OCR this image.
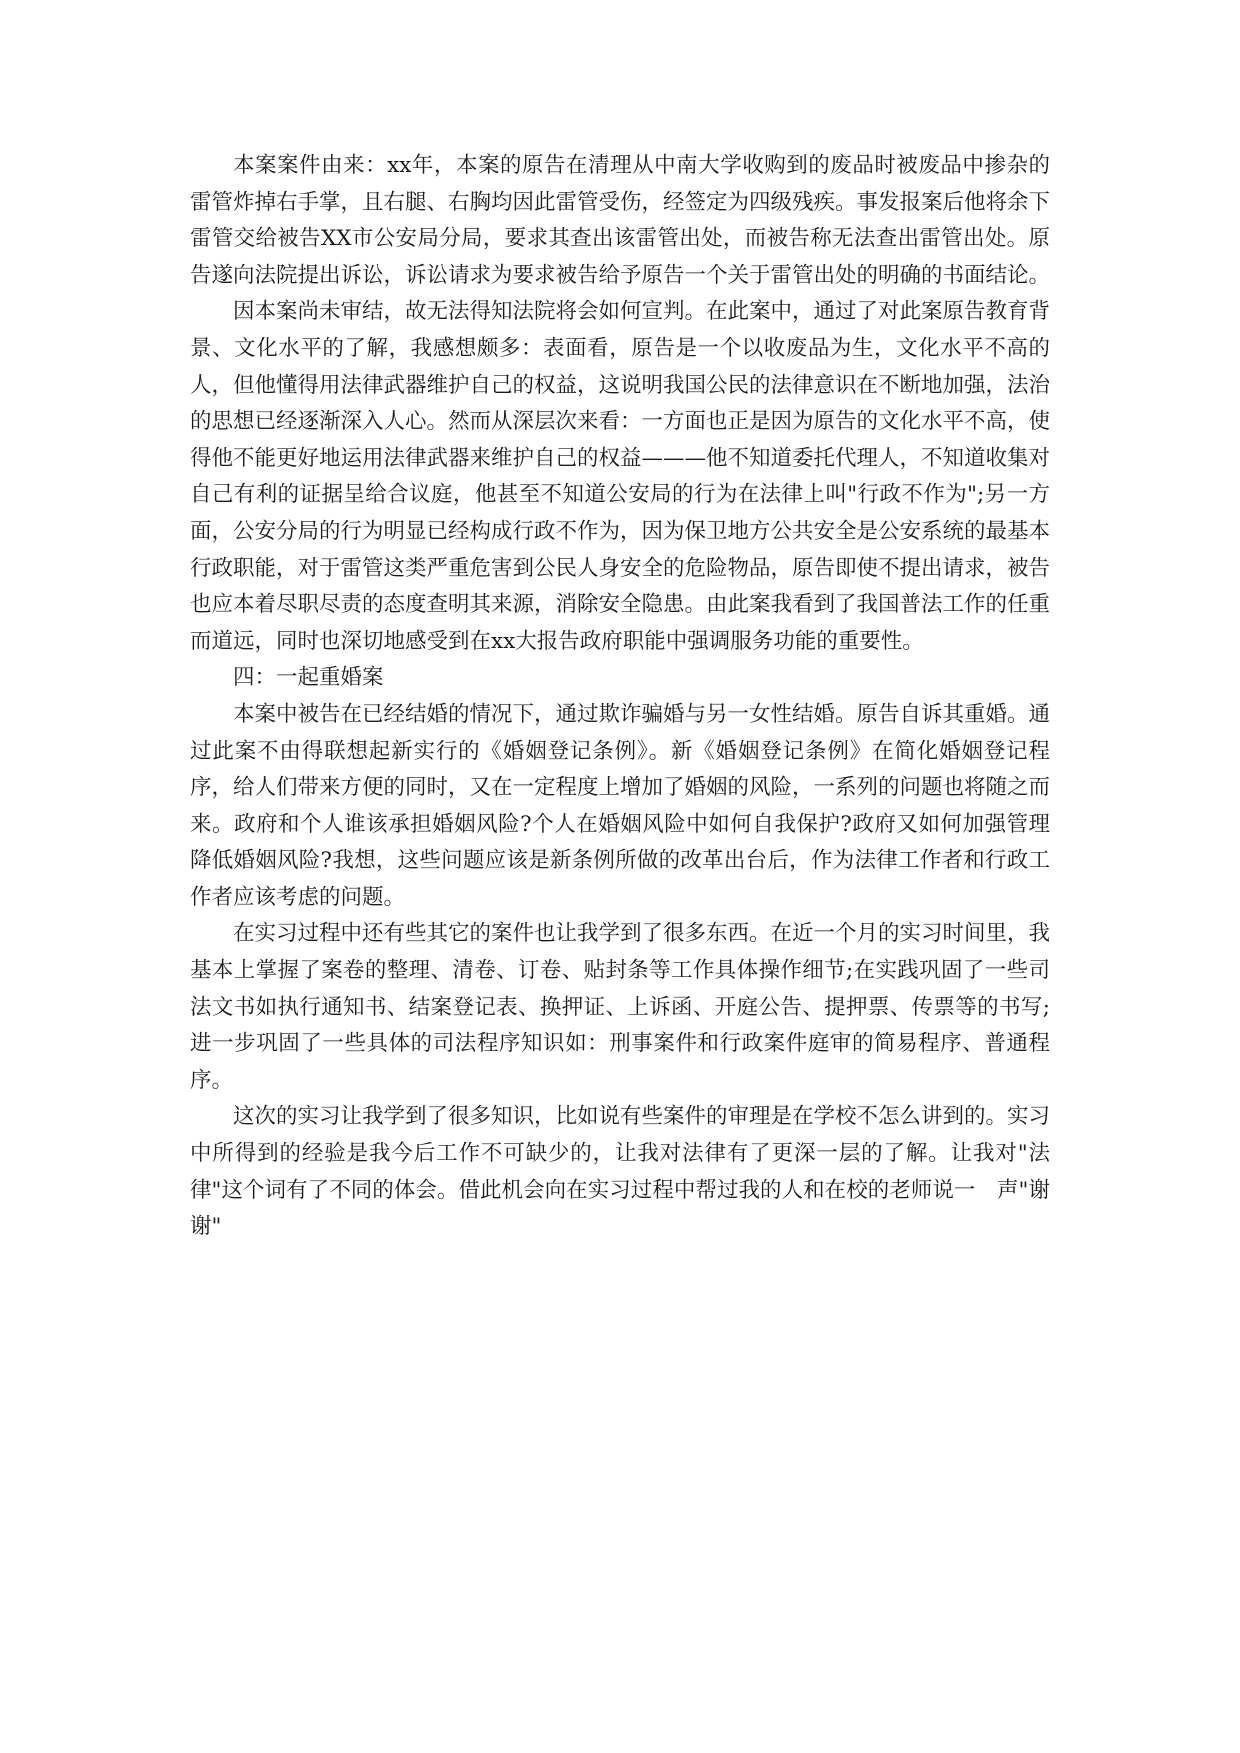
本案案件由来：xx年，本案的原告在清理从中南大学收购到的废品时被废品中掺杂的雷管炸掉右手掌，且右腿、右胸均因此雷管受伤，经签定为四级残疾。事发报案后他将余下雷管交给被告XX市公安局分局，要求其查出该雷管出处，而被告称无法查出雷管出处。原告遂向法院提出诉讼，诉讼请求为要求被告给予原告一个关于雷管出处的明确的书面结论。

因本案尚未审结，故无法得知法院将会如何宣判。在此案中，通过了对此案原告教育背景、文化水平的了解，我感想颇多：表面看，原告是一个以收废品为生，文化水平不高的人，但他懂得用法律武器维护自己的权益，这说明我国公民的法律意识在不断地加强，法治的思想已经逐渐深入人心。然而从深层次来看：一方面也正是因为原告的文化水平不高，使得他不能更好地运用法律武器来维护自己的权益———他不知道委托代理人，不知道收集对自己有利的证据呈给合议庭，他甚至不知道公安局的行为在法律上叫"行政不作为";另一方面，公安分局的行为明显已经构成行政不作为，因为保卫地方公共安全是公安系统的最基本行政职能，对于雷管这类严重危害到公民人身安全的危险物品，原告即使不提出请求，被告也应本着尽职尽责的态度查明其来源，消除安全隐患。由此案我看到了我国普法工作的任重而道远，同时也深切地感受到在xx大报告政府职能中强调服务功能的重要性。

四：一起重婚案

本案中被告在已经结婚的情况下，通过欺诈骗婚与另一女性结婚。原告自诉其重婚。通过此案不由得联想起新实行的《婚姻登记条例》。新《婚姻登记条例》在简化婚姻登记程序，给人们带来方便的同时，又在一定程度上增加了婚姻的风险，一系列的问题也将随之而来。政府和个人谁该承担婚姻风险?个人在婚姻风险中如何自我保护?政府又如何加强管理降低婚姻风险?我想，这些问题应该是新条例所做的改革出台后，作为法律工作者和行政工作者应该考虑的问题。

在实习过程中还有些其它的案件也让我学到了很多东西。在近一个月的实习时间里，我基本上掌握了案卷的整理、清卷、订卷、贴封条等工作具体操作细节;在实践巩固了一些司法文书如执行通知书、结案登记表、换押证、上诉函、开庭公告、提押票、传票等的书写;进一步巩固了一些具体的司法程序知识如：刑事案件和行政案件庭审的简易程序、普通程序。

这次的实习让我学到了很多知识，比如说有些案件的审理是在学校不怎么讲到的。实习中所得到的经验是我今后工作不可缺少的，让我对法律有了更深一层的了解。让我对"法律"这个词有了不同的体会。借此机会向在实习过程中帮过我的人和在校的老师说一　声"谢谢"
